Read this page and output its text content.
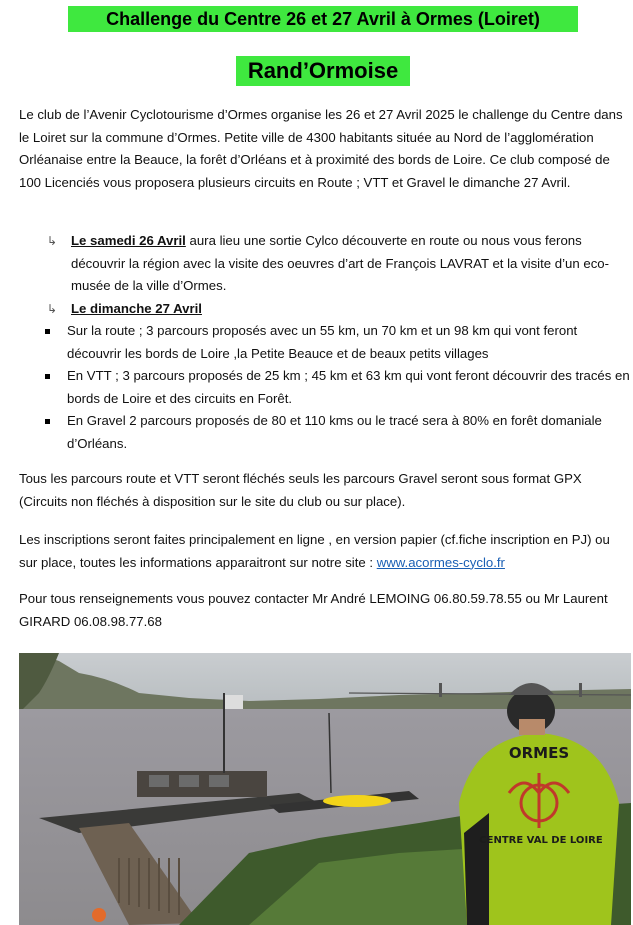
Challenge du Centre 26 et 27 Avril à Ormes (Loiret)
Rand’Ormoise

Le club de l’Avenir Cyclotourisme d’Ormes organise les 26 et 27 Avril 2025 le challenge du Centre dans le Loiret sur la commune d’Ormes. Petite ville de 4300 habitants située au Nord de l’agglomération Orléanaise entre la Beauce, la forêt d’Orléans et à proximité des bords de Loire. Ce club composé de 100 Licenciés vous proposera plusieurs circuits en Route ; VTT et Gravel le dimanche 27 Avril.

↳	Le samedi 26 Avril aura lieu une sortie Cylco découverte en route ou nous vous ferons découvrir la région avec la visite des oeuvres d’art de François LAVRAT et la visite d’un eco-musée de la ville d’Ormes.
↳	Le dimanche 27 Avril
Sur la route ; 3 parcours proposés avec un 55 km, un 70 km et un 98 km qui vont feront découvrir les bords de Loire ,la Petite Beauce et de beaux petits villages
En VTT ; 3 parcours proposés de 25 km ; 45 km et 63 km qui vont feront découvrir des tracés en bords de Loire et des circuits en Forêt.
En Gravel 2 parcours proposés de 80 et 110 kms ou le tracé sera à 80% en forêt domaniale d’Orléans.

Tous les parcours route et VTT seront fléchés seuls les parcours Gravel seront sous format GPX (Circuits non fléchés à disposition sur le site du club ou sur place).

Les inscriptions seront faites principalement en ligne , en version papier (cf.fiche inscription en PJ) ou sur place, toutes les informations apparaitront sur notre site : www.acormes-cyclo.fr

Pour tous renseignements vous pouvez contacter Mr André LEMOING 06.80.59.78.55 ou Mr Laurent GIRARD 06.08.98.77.68

ORMES
CENTRE VAL DE LOIRE
